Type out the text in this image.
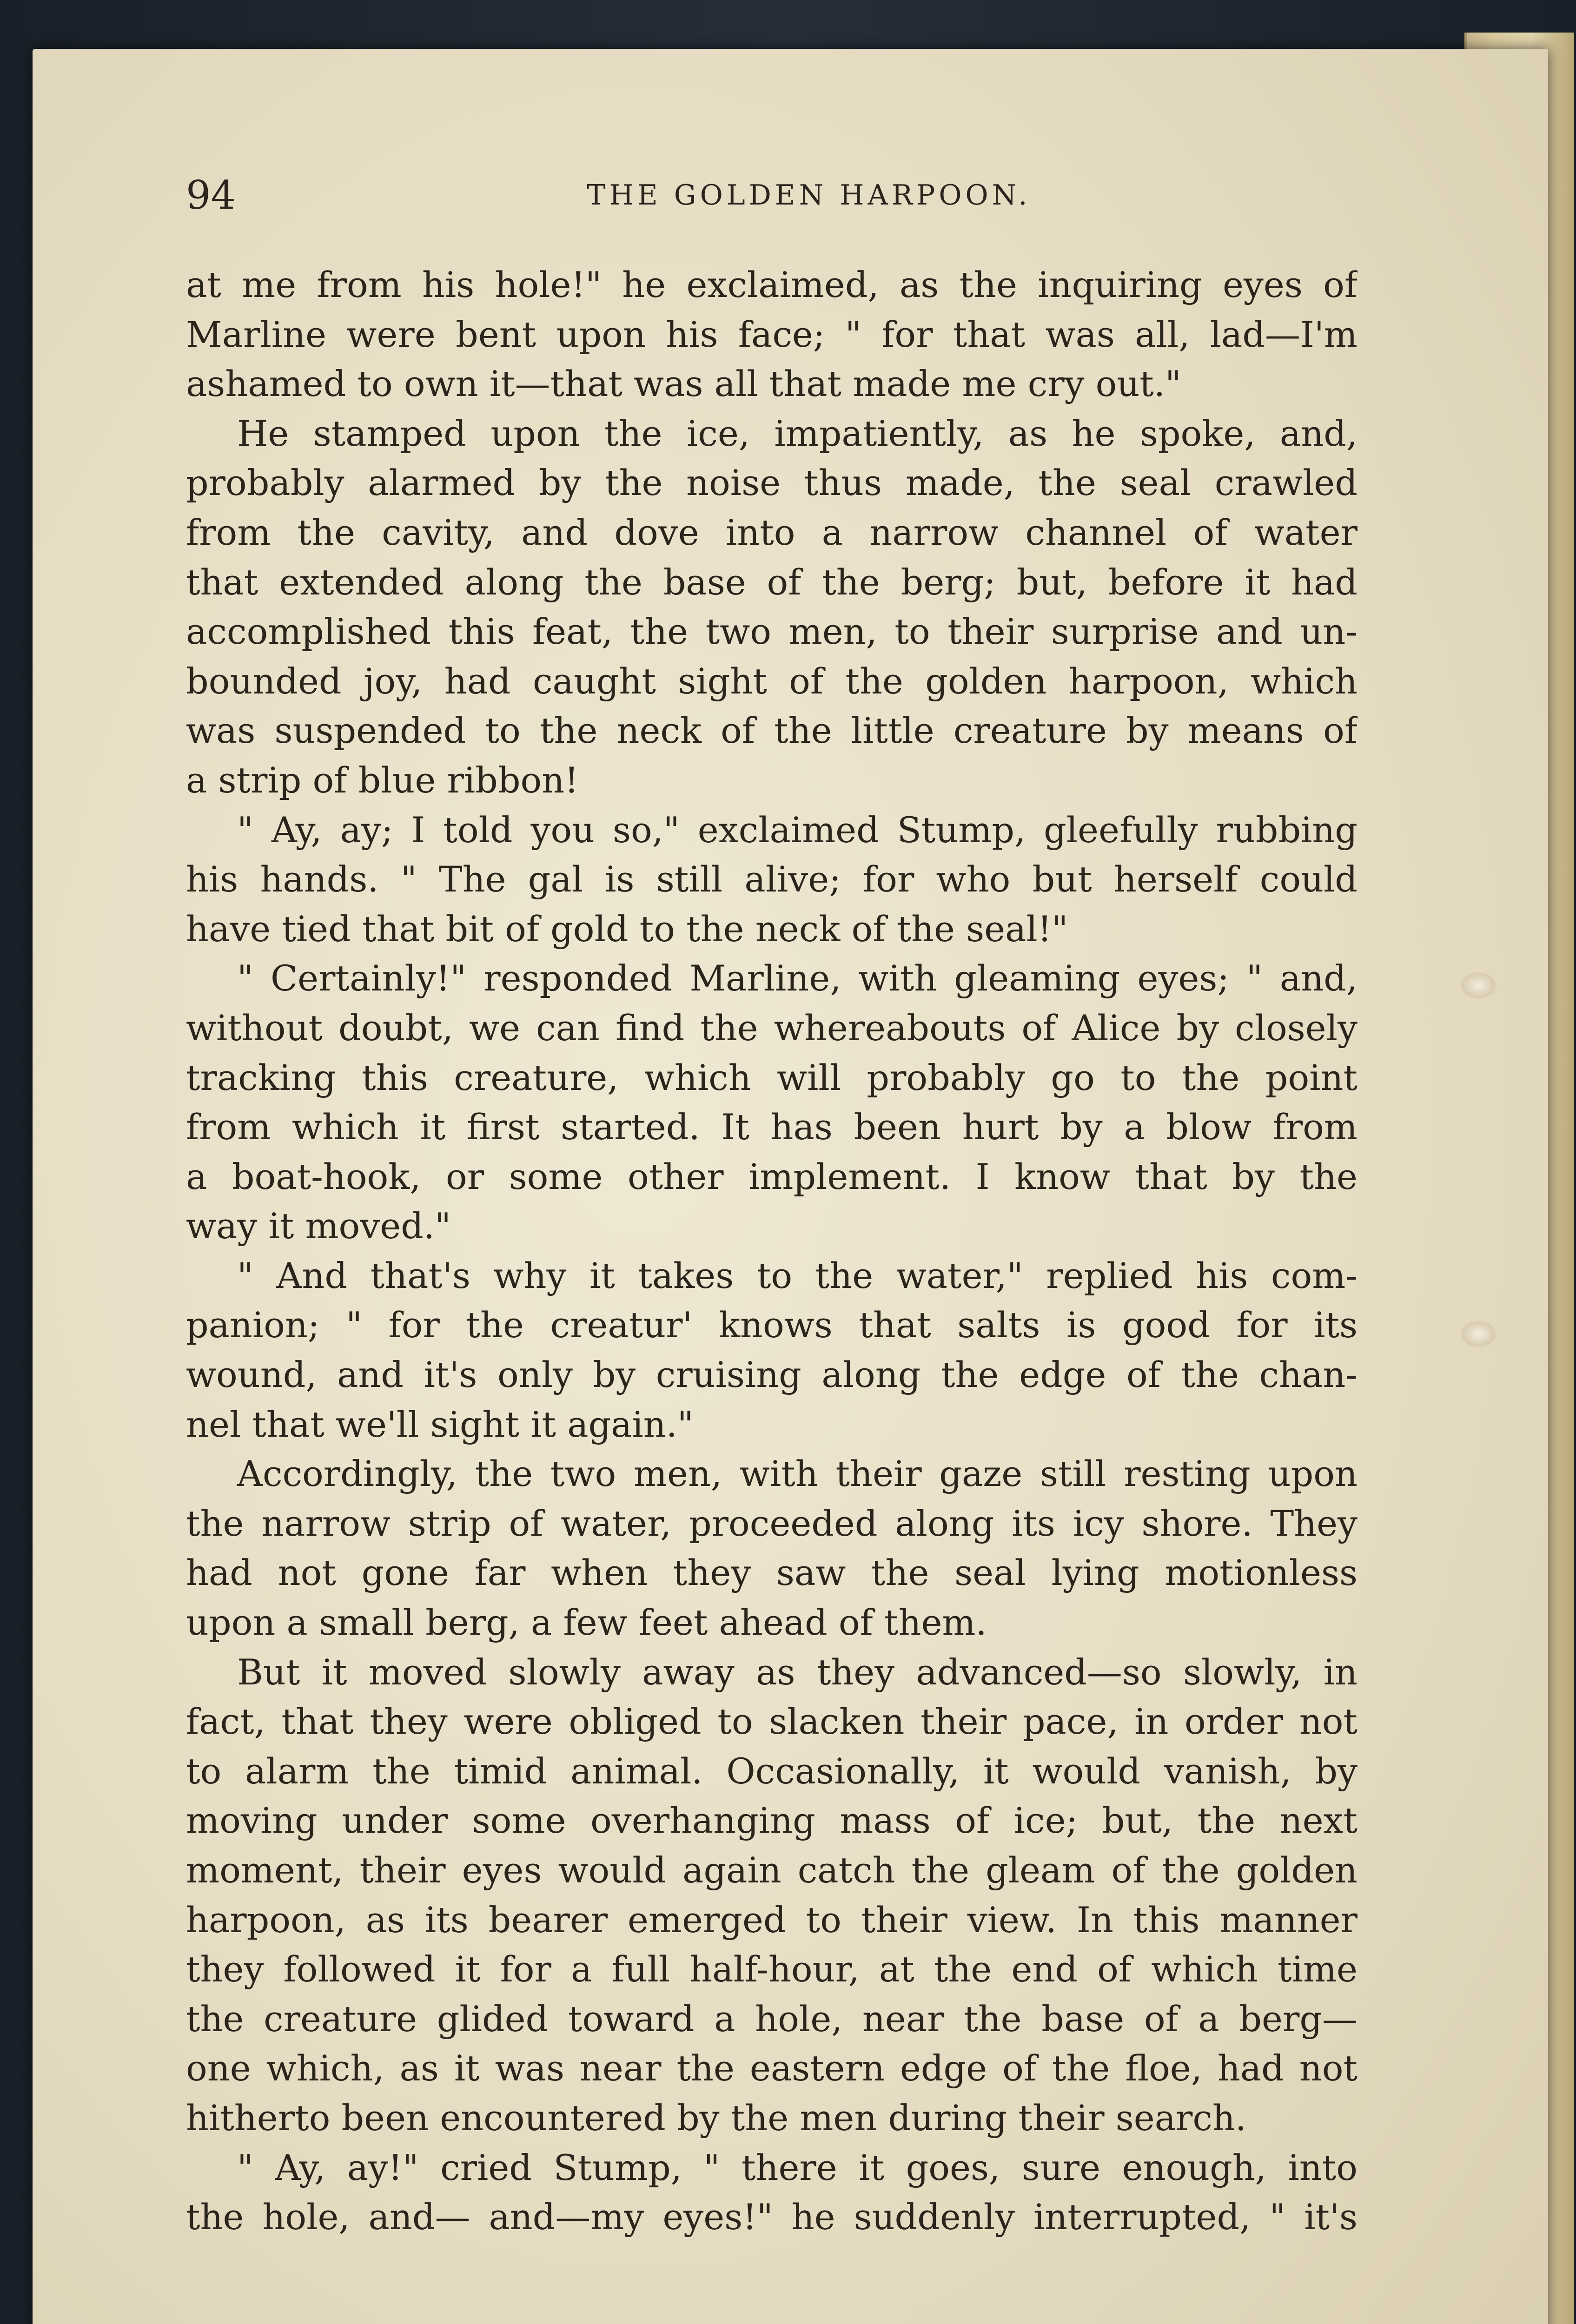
94	THE GOLDEN HARPOON.
at me from his hole!" he exclaimed, as the inquiring eyes of
Marline were bent upon his face; " for that was all, lad—I'm
ashamed to own it—that was all that made me cry out."
He stamped upon the ice, impatiently, as he spoke, and,
probably alarmed by the noise thus made, the seal crawled
from the cavity, and dove into a narrow channel of water
that extended along the base of the berg; but, before it had
accomplished this feat, the two men, to their surprise and un-
bounded joy, had caught sight of the golden harpoon, which
was suspended to the neck of the little creature by means of
a strip of blue ribbon!
" Ay, ay; I told you so," exclaimed Stump, gleefully rubbing
his hands. " The gal is still alive; for who but herself could
have tied that bit of gold to the neck of the seal!"
" Certainly!" responded Marline, with gleaming eyes; " and,
without doubt, we can find the whereabouts of Alice by closely
tracking this creature, which will probably go to the point
from which it first started. It has been hurt by a blow from
a boat-hook, or some other implement. I know that by the
way it moved."
" And that's why it takes to the water," replied his com-
panion; " for the creatur' knows that salts is good for its
wound, and it's only by cruising along the edge of the chan-
nel that we'll sight it again."
Accordingly, the two men, with their gaze still resting upon
the narrow strip of water, proceeded along its icy shore. They
had not gone far when they saw the seal lying motionless
upon a small berg, a few feet ahead of them.
But it moved slowly away as they advanced—so slowly, in
fact, that they were obliged to slacken their pace, in order not
to alarm the timid animal. Occasionally, it would vanish, by
moving under some overhanging mass of ice; but, the next
moment, their eyes would again catch the gleam of the golden
harpoon, as its bearer emerged to their view. In this manner
they followed it for a full half-hour, at the end of which time
the creature glided toward a hole, near the base of a berg—
one which, as it was near the eastern edge of the floe, had not
hitherto been encountered by the men during their search.
" Ay, ay!" cried Stump, " there it goes, sure enough, into
the hole, and— and—my eyes!" he suddenly interrupted, " it's
